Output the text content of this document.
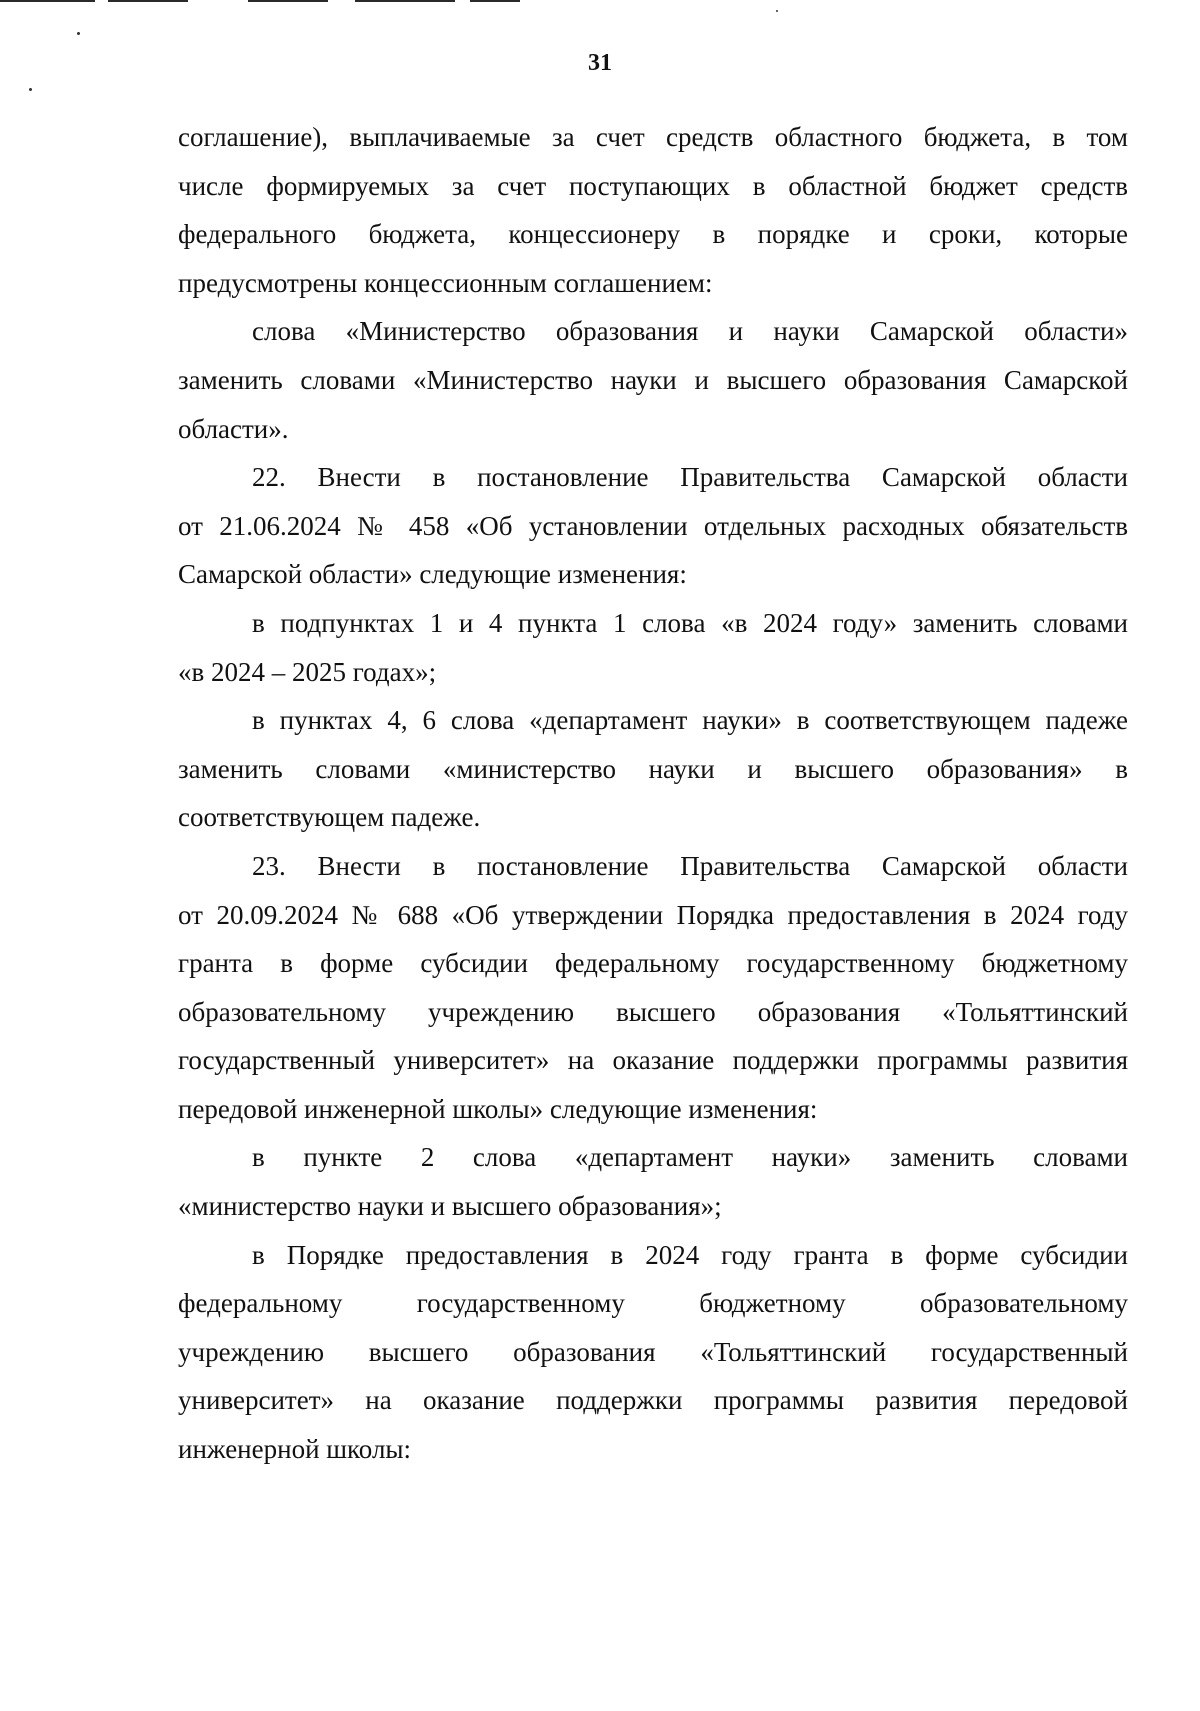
31
соглашение), выплачиваемые за счет средств областного бюджета, в том
числе формируемых за счет поступающих в областной бюджет средств
федерального бюджета, концессионеру в порядке и сроки, которые
предусмотрены концессионным соглашением:
слова «Министерство образования и науки Самарской области»
заменить словами «Министерство науки и высшего образования Самарской
области».
22. Внести в постановление Правительства Самарской области
от 21.06.2024 № 458 «Об установлении отдельных расходных обязательств
Самарской области» следующие изменения:
в подпунктах 1 и 4 пункта 1 слова «в 2024 году» заменить словами
«в 2024 – 2025 годах»;
в пунктах 4, 6 слова «департамент науки» в соответствующем падеже
заменить словами «министерство науки и высшего образования» в
соответствующем падеже.
23. Внести в постановление Правительства Самарской области
от 20.09.2024 № 688 «Об утверждении Порядка предоставления в 2024 году
гранта в форме субсидии федеральному государственному бюджетному
образовательному учреждению высшего образования «Тольяттинский
государственный университет» на оказание поддержки программы развития
передовой инженерной школы» следующие изменения:
в пункте 2 слова «департамент науки» заменить словами
«министерство науки и высшего образования»;
в Порядке предоставления в 2024 году гранта в форме субсидии
федеральному государственному бюджетному образовательному
учреждению высшего образования «Тольяттинский государственный
университет» на оказание поддержки программы развития передовой
инженерной школы:
